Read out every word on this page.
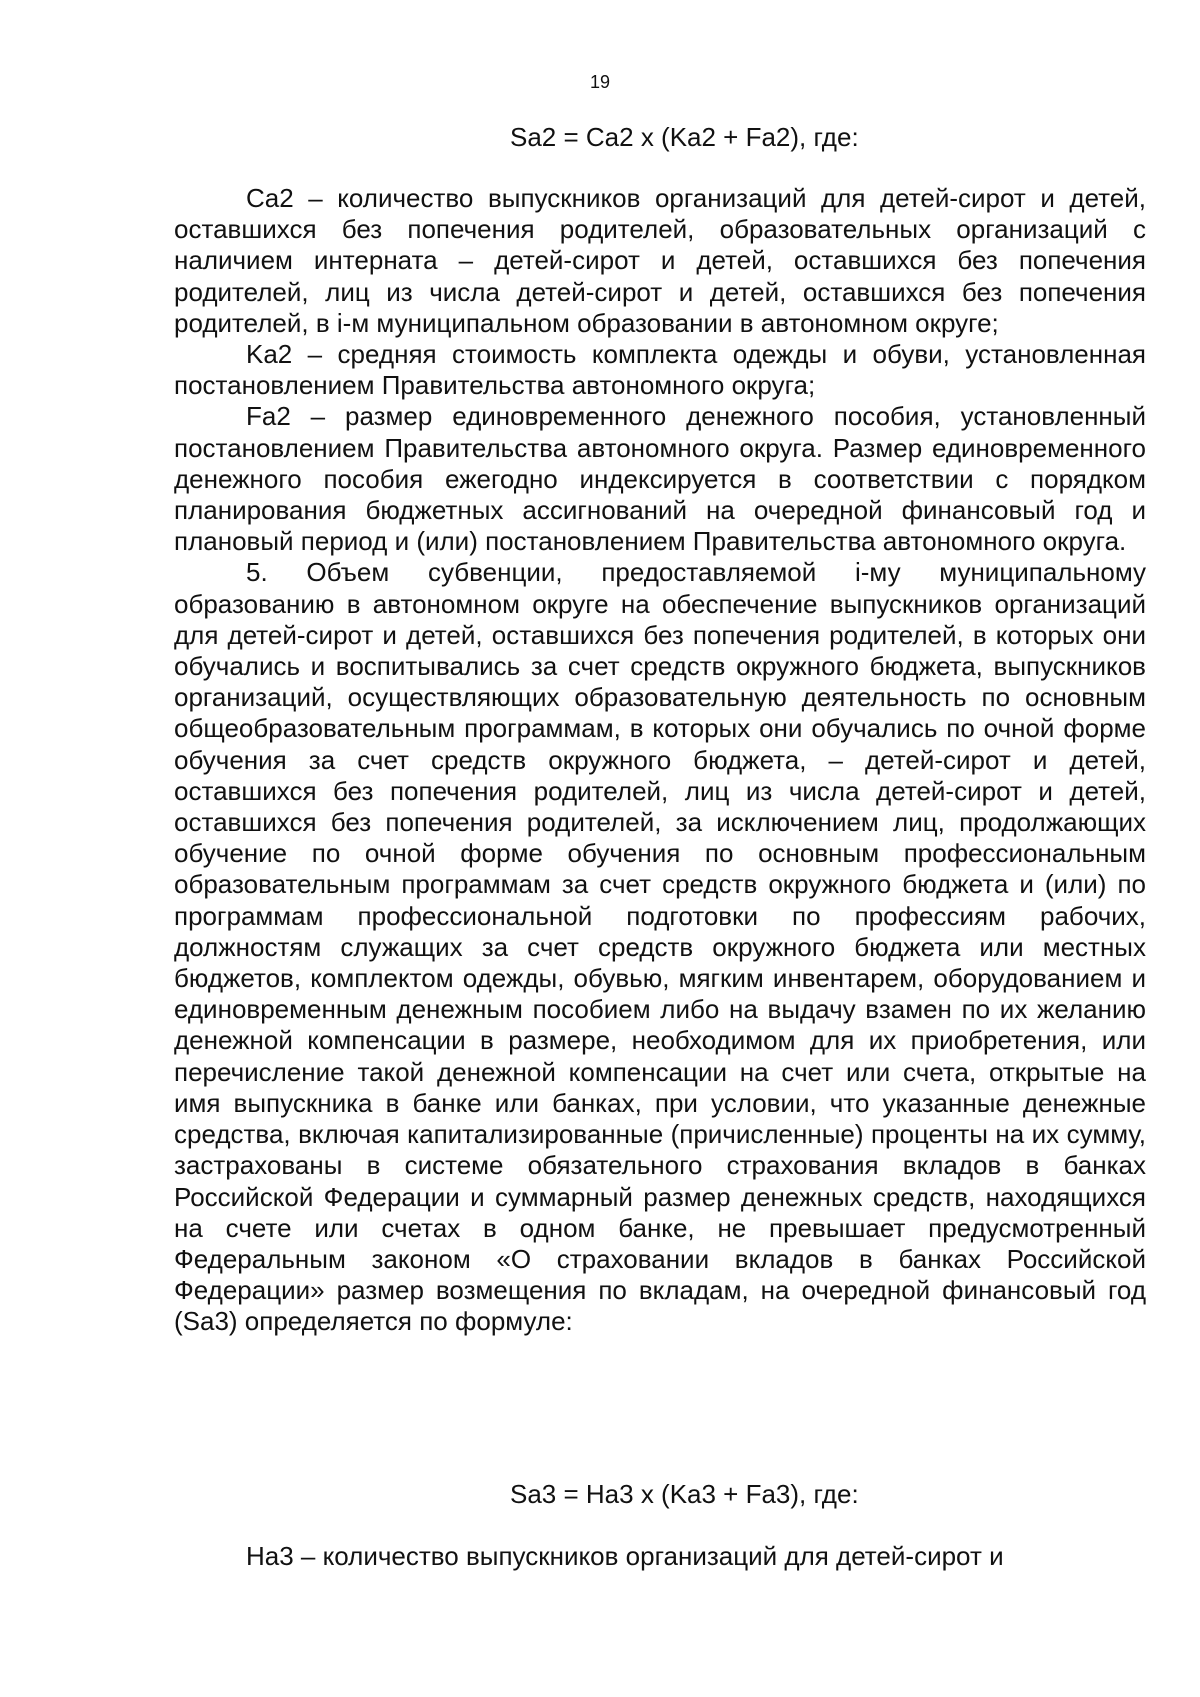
19
Sa2 = Ca2 x (Ka2 + Fa2), где:

Ca2 – количество выпускников организаций для детей-сирот и детей, оставшихся без попечения родителей, образовательных организаций с наличием интерната – детей-сирот и детей, оставшихся без попечения родителей, лиц из числа детей-сирот и детей, оставшихся без попечения родителей, в i-м муниципальном образовании в автономном округе;

Ka2 – средняя стоимость комплекта одежды и обуви, установленная постановлением Правительства автономного округа;

Fa2 – размер единовременного денежного пособия, установленный постановлением Правительства автономного округа. Размер единовременного денежного пособия ежегодно индексируется в соответствии с порядком планирования бюджетных ассигнований на очередной финансовый год и плановый период и (или) постановлением Правительства автономного округа.

5. Объем субвенции, предоставляемой i-му муниципальному образованию в автономном округе на обеспечение выпускников организаций для детей-сирот и детей, оставшихся без попечения родителей, в которых они обучались и воспитывались за счет средств окружного бюджета, выпускников организаций, осуществляющих образовательную деятельность по основным общеобразовательным программам, в которых они обучались по очной форме обучения за счет средств окружного бюджета, – детей-сирот и детей, оставшихся без попечения родителей, лиц из числа детей-сирот и детей, оставшихся без попечения родителей, за исключением лиц, продолжающих обучение по очной форме обучения по основным профессиональным образовательным программам за счет средств окружного бюджета и (или) по программам профессиональной подготовки по профессиям рабочих, должностям служащих за счет средств окружного бюджета или местных бюджетов, комплектом одежды, обувью, мягким инвентарем, оборудованием и единовременным денежным пособием либо на выдачу взамен по их желанию денежной компенсации в размере, необходимом для их приобретения, или перечисление такой денежной компенсации на счет или счета, открытые на имя выпускника в банке или банках, при условии, что указанные денежные средства, включая капитализированные (причисленные) проценты на их сумму, застрахованы в системе обязательного страхования вкладов в банках Российской Федерации и суммарный размер денежных средств, находящихся на счете или счетах в одном банке, не превышает предусмотренный Федеральным законом «О страховании вкладов в банках Российской Федерации» размер возмещения по вкладам, на очередной финансовый год (Sa3) определяется по формуле:

Sa3 = Ha3 x (Ka3 + Fa3), где:

Ha3 – количество выпускников организаций для детей-сирот и
